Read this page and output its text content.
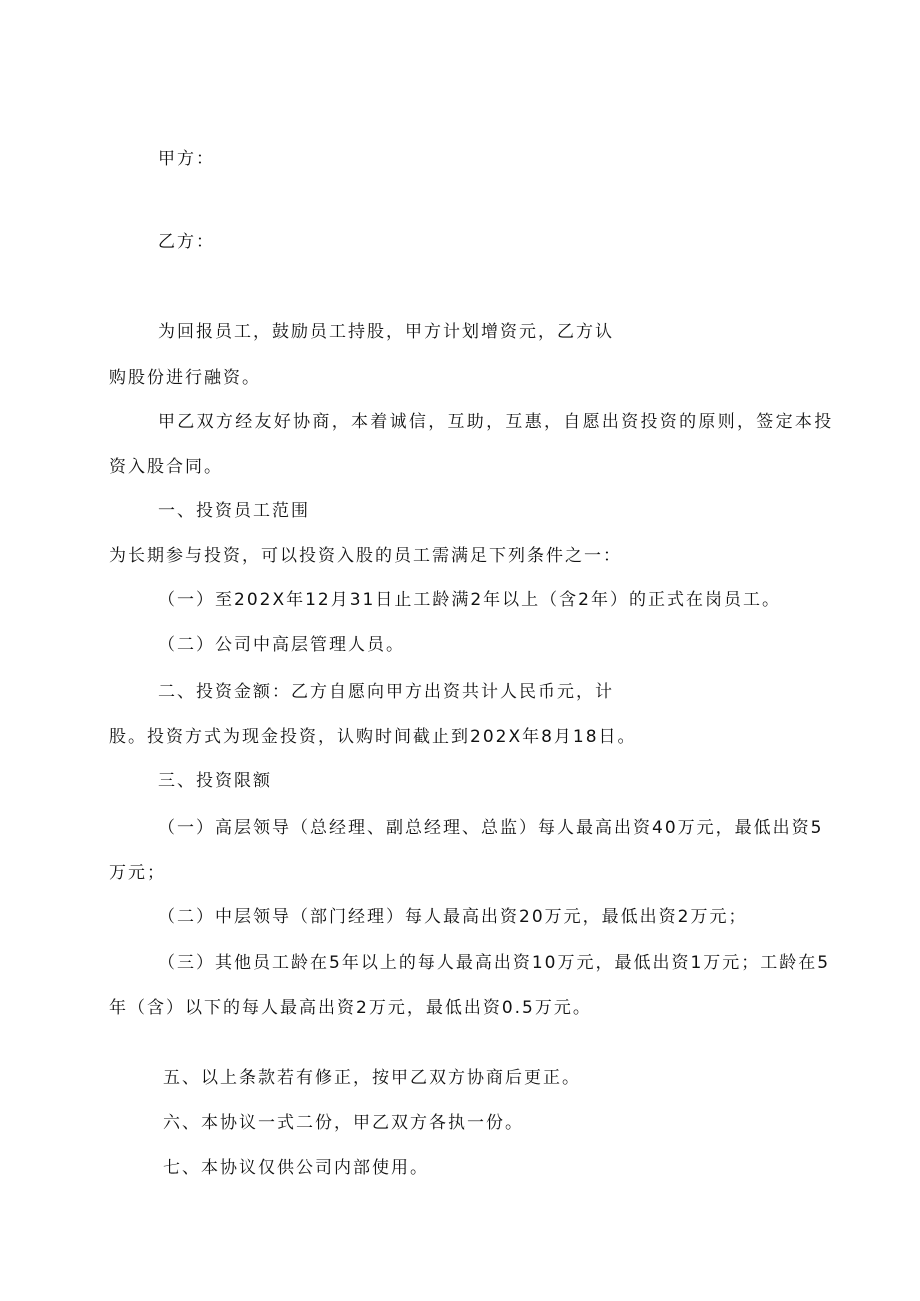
甲方：
乙方：
为回报员工，鼓励员工持股，甲方计划增资元，乙方认
购股份进行融资。
甲乙双方经友好协商，本着诚信，互助，互惠，自愿出资投资的原则，签定本投
资入股合同。
一、投资员工范围
为长期参与投资，可以投资入股的员工需满足下列条件之一：
（一）至202X年12月31日止工龄满2年以上（含2年）的正式在岗员工。
（二）公司中高层管理人员。
二、投资金额：乙方自愿向甲方出资共计人民币元，计
股。投资方式为现金投资，认购时间截止到202X年8月18日。
三、投资限额
（一）高层领导（总经理、副总经理、总监）每人最高出资40万元，最低出资5
万元；
（二）中层领导（部门经理）每人最高出资20万元，最低出资2万元；
（三）其他员工龄在5年以上的每人最高出资10万元，最低出资1万元；工龄在5
年（含）以下的每人最高出资2万元，最低出资0.5万元。
五、以上条款若有修正，按甲乙双方协商后更正。
六、本协议一式二份，甲乙双方各执一份。
七、本协议仅供公司内部使用。
